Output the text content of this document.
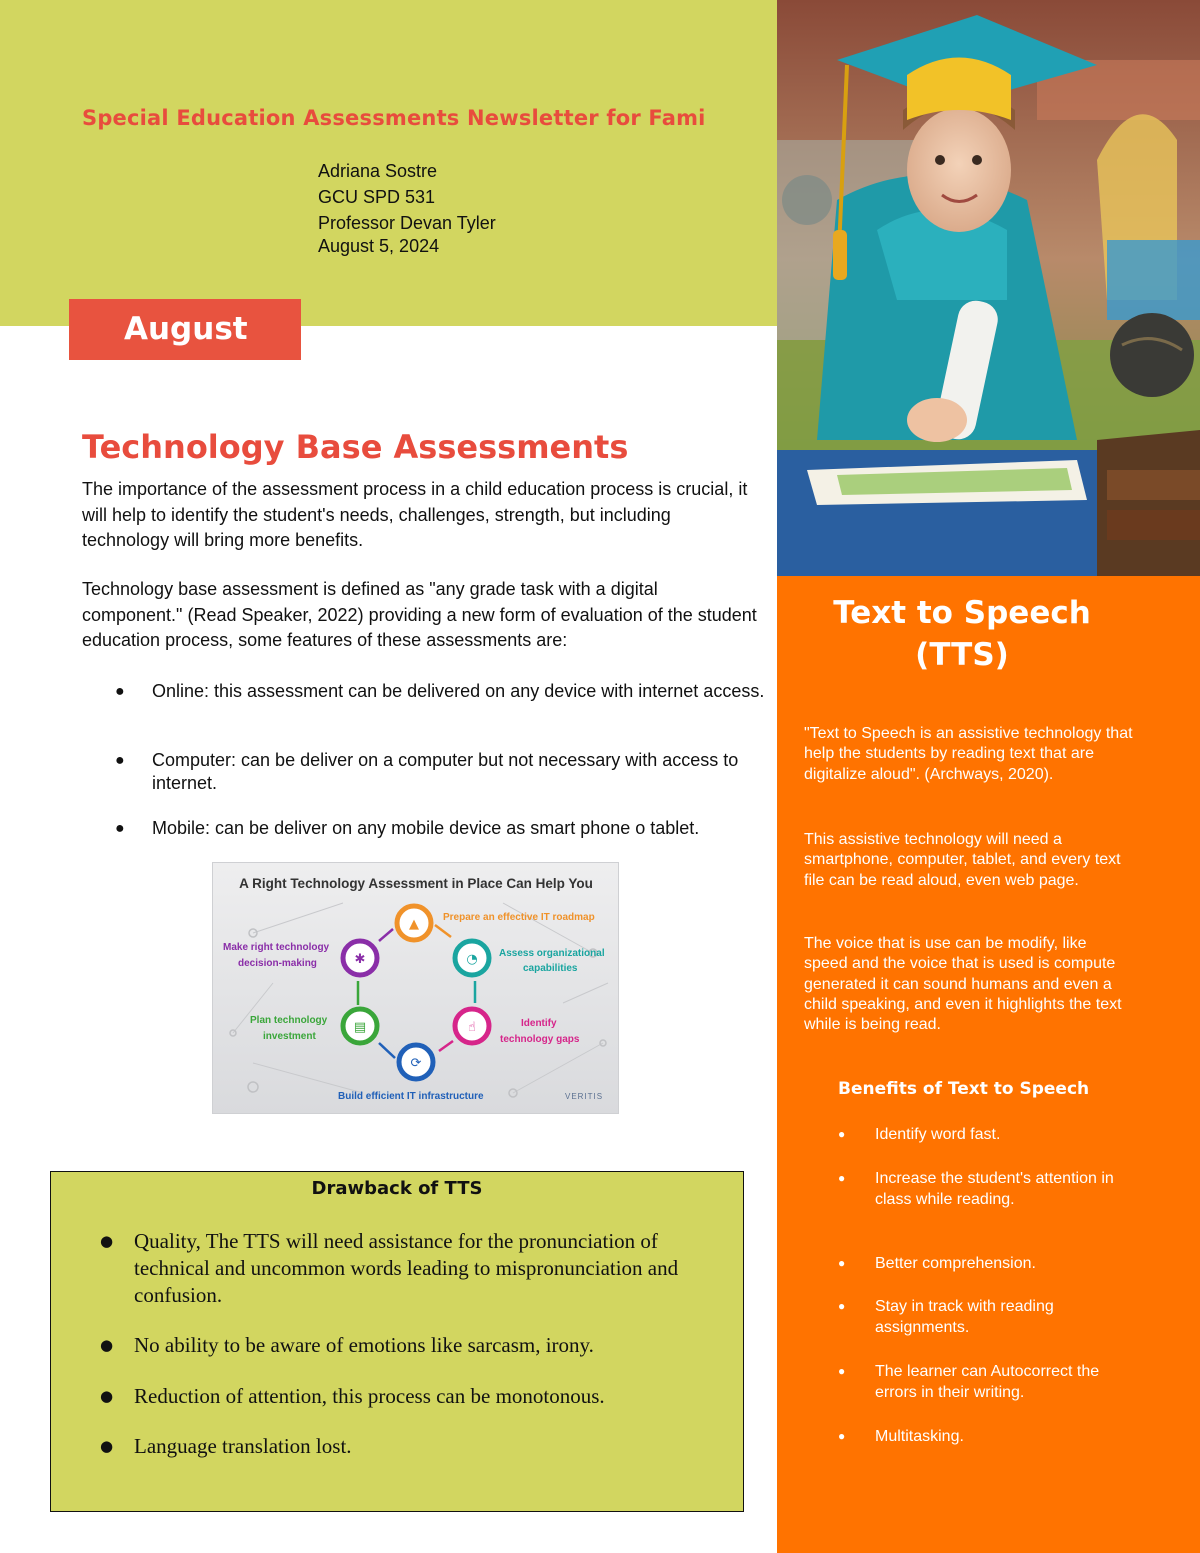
Special Education Assessments Newsletter for Fami
Adriana Sostre
GCU SPD 531
Professor Devan Tyler
August 5, 2024
August
Technology Base Assessments
The importance of the assessment process in a child education process is crucial, it will help to identify the student's needs, challenges, strength, but including technology will bring more benefits.
Technology base assessment is defined as "any grade task with a digital component." (Read Speaker, 2022) providing a new form of evaluation of the student education process, some features of these assessments are:
● Online: this assessment can be delivered on any device with internet access.
● Computer: can be deliver on a computer but not necessary with access to internet.
● Mobile: can be deliver on any mobile device as smart phone o tablet.
A Right Technology Assessment in Place Can Help You
▲
◔
☝
⟳
▤
✱
Prepare an effective IT roadmap
Assess organizational capabilities
Identify technology gaps
Build efficient IT infrastructure
Plan technology investment
Make right technology decision-making
VERITIS
Drawback of TTS
● Quality, The TTS will need assistance for the pronunciation of technical and uncommon words leading to mispronunciation and confusion.
● No ability to be aware of emotions like sarcasm, irony.
● Reduction of attention, this process can be monotonous.
● Language translation lost.
Text to Speech
(TTS)
"Text to Speech is an assistive technology that help the students by reading text that are digitalize aloud". (Archways, 2020).
This assistive technology will need a smartphone, computer, tablet, and every text file can be read aloud, even web page.
The voice that is use can be modify, like speed and the voice that is used is compute generated it can sound humans and even a child speaking, and even it highlights the text while is being read.
Benefits of Text to Speech
● Identify word fast.
● Increase the student's attention in class while reading.
● Better comprehension.
● Stay in track with reading assignments.
● The learner can Autocorrect the errors in their writing.
● Multitasking.
